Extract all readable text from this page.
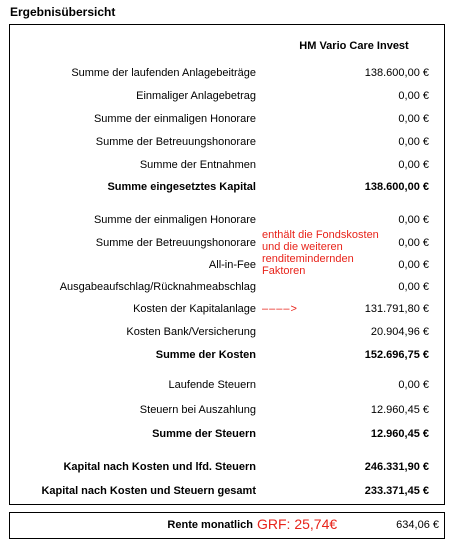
Ergebnisübersicht
HM Vario Care Invest
Summe der laufenden Anlagebeiträge	138.600,00 €
Einmaliger Anlagebetrag	0,00 €
Summe der einmaligen Honorare	0,00 €
Summe der Betreuungshonorare	0,00 €
Summe der Entnahmen	0,00 €
Summe eingesetztes Kapital	138.600,00 €
Summe der einmaligen Honorare	0,00 €
Summe der Betreuungshonorare	0,00 €
All-in-Fee	0,00 €
Ausgabeaufschlag/Rücknahmeabschlag	0,00 €
Kosten der Kapitalanlage	131.791,80 €
Kosten Bank/Versicherung	20.904,96 €
Summe der Kosten	152.696,75 €
Laufende Steuern	0,00 €
Steuern bei Auszahlung	12.960,45 €
Summe der Steuern	12.960,45 €
Kapital nach Kosten und lfd. Steuern	246.331,90 €
Kapital nach Kosten und Steuern gesamt	233.371,45 €
enthält die Fondskosten und die weiteren renditemindernden Faktoren
––––>
Rente monatlich GRF: 25,74€	634,06 €
